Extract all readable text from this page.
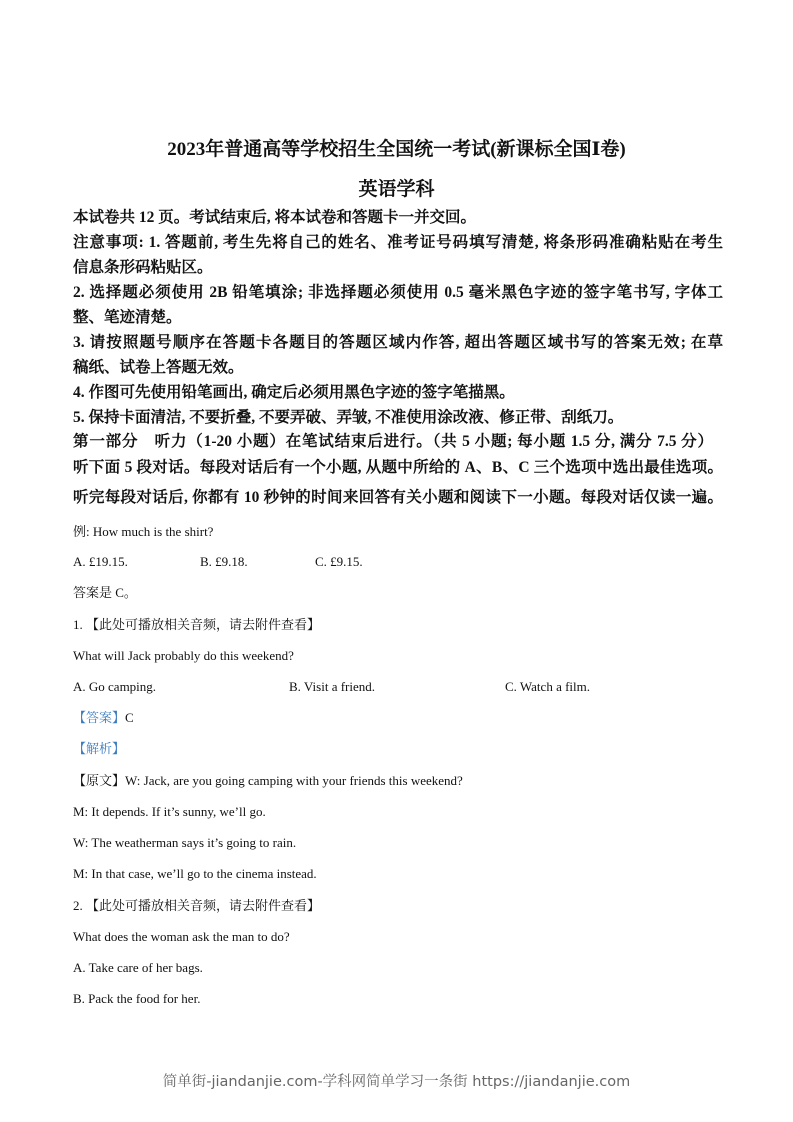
2023年普通高等学校招生全国统一考试(新课标全国Ⅰ卷)
英语学科
本试卷共 12 页。考试结束后, 将本试卷和答题卡一并交回。
注意事项: 1. 答题前, 考生先将自己的姓名、准考证号码填写清楚, 将条形码准确粘贴在考生
信息条形码粘贴区。
2. 选择题必须使用 2B 铅笔填涂; 非选择题必须使用 0.5 毫米黑色字迹的签字笔书写, 字体工
整、笔迹清楚。
3. 请按照题号顺序在答题卡各题目的答题区域内作答, 超出答题区域书写的答案无效; 在草
稿纸、试卷上答题无效。
4. 作图可先使用铅笔画出, 确定后必须用黑色字迹的签字笔描黑。
5. 保持卡面清洁, 不要折叠, 不要弄破、弄皱, 不准使用涂改液、修正带、刮纸刀。
第一部分　听力（1-20 小题）在笔试结束后进行。（共 5 小题; 每小题 1.5 分, 满分 7.5 分）
听下面 5 段对话。每段对话后有一个小题, 从题中所给的 A、B、C 三个选项中选出最佳选项。
听完每段对话后, 你都有 10 秒钟的时间来回答有关小题和阅读下一小题。每段对话仅读一遍。
例: How much is the shirt?
A. £19.15.	B. £9.18.	C. £9.15.
答案是 C。
1. 【此处可播放相关音频，请去附件查看】
What will Jack probably do this weekend?
A. Go camping.	B. Visit a friend.	C. Watch a film.
【答案】C
【解析】
【原文】W: Jack, are you going camping with your friends this weekend?
M: It depends. If it’s sunny, we’ll go.
W: The weatherman says it’s going to rain.
M: In that case, we’ll go to the cinema instead.
2. 【此处可播放相关音频，请去附件查看】
What does the woman ask the man to do?
A. Take care of her bags.
B. Pack the food for her.
简单街-jiandanjie.com-学科网简单学习一条街 https://jiandanjie.com
